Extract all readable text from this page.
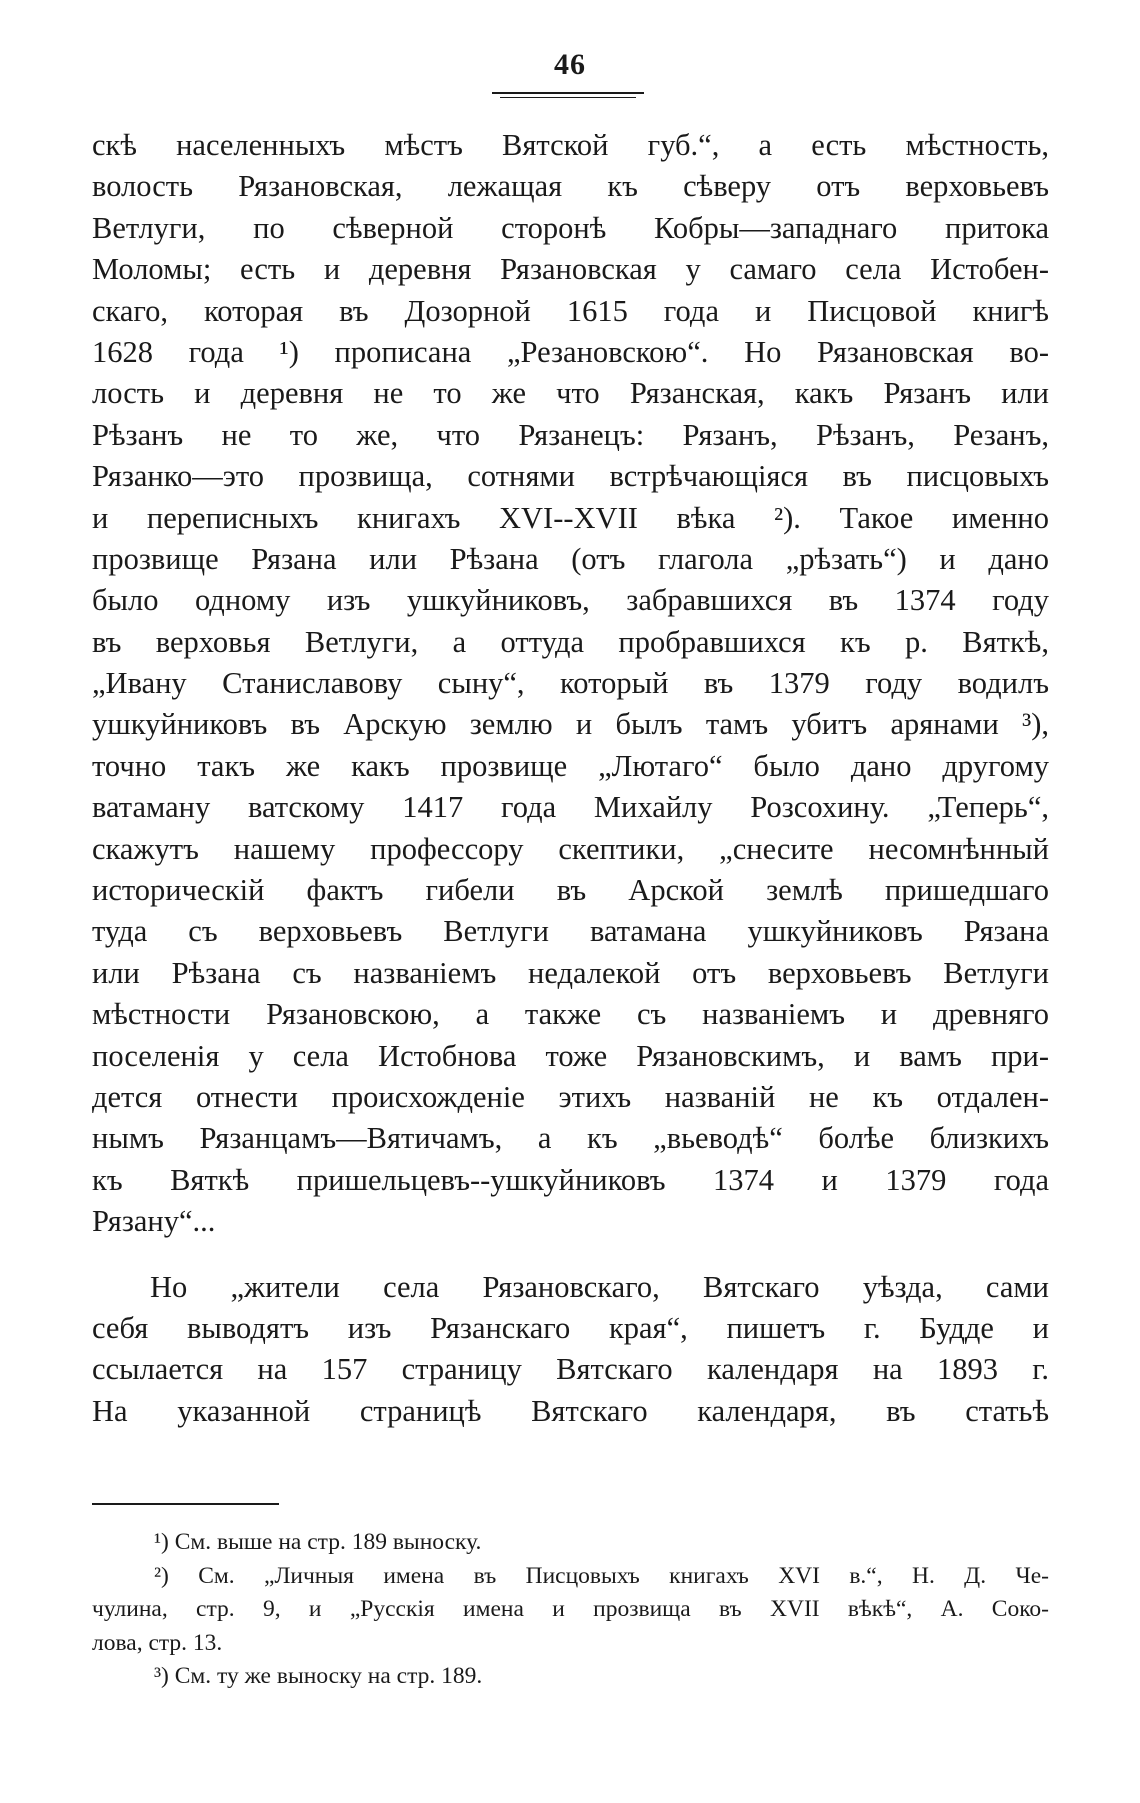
46
скѣ населенныхъ мѣстъ Вятской губ.“, а есть мѣстность,
волость Рязановская, лежащая къ сѣверу отъ верховьевъ
Ветлуги, по сѣверной сторонѣ Кобры—западнаго притока
Моломы; есть и деревня Рязановская у самаго села Истобен-
скаго, которая въ Дозорной 1615 года и Писцовой книгѣ
1628 года ¹) прописана „Резановскою“. Но Рязановская во-
лость и деревня не то же что Рязанская, какъ Рязанъ или
Рѣзанъ не то же, что Рязанецъ: Рязанъ, Рѣзанъ, Резанъ,
Рязанко—это прозвища, сотнями встрѣчающіяся въ писцовыхъ
и переписныхъ книгахъ XVI--XVII вѣка ²). Такое именно
прозвище Рязана или Рѣзана (отъ глагола „рѣзать“) и дано
было одному изъ ушкуйниковъ, забравшихся въ 1374 году
въ верховья Ветлуги, а оттуда пробравшихся къ р. Вяткѣ,
„Ивану Станиславову сыну“, который въ 1379 году водилъ
ушкуйниковъ въ Арскую землю и былъ тамъ убитъ арянами ³),
точно такъ же какъ прозвище „Лютаго“ было дано другому
ватаману ватскому 1417 года Михайлу Розсохину. „Теперь“,
скажутъ нашему профессору скептики, „снесите несомнѣнный
историческій фактъ гибели въ Арской землѣ пришедшаго
туда съ верховьевъ Ветлуги ватамана ушкуйниковъ Рязана
или Рѣзана съ названіемъ недалекой отъ верховьевъ Ветлуги
мѣстности Рязановскою, а также съ названіемъ и древняго
поселенія у села Истобнова тоже Рязановскимъ, и вамъ при-
дется отнести происхожденіе этихъ названій не къ отдален-
нымъ Рязанцамъ—Вятичамъ, а къ „вьеводѣ“ болѣе близкихъ
къ Вяткѣ пришельцевъ--ушкуйниковъ 1374 и 1379 года
Рязану“...
Но „жители села Рязановскаго, Вятскаго уѣзда, сами
себя выводятъ изъ Рязанскаго края“, пишетъ г. Будде и
ссылается на 157 страницу Вятскаго календаря на 1893 г.
На указанной страницѣ Вятскаго календаря, въ статьѣ
¹) См. выше на стр. 189 выноску.
²) См. „Личныя имена въ Писцовыхъ книгахъ XVI в.“, Н. Д. Че-
чулина, стр. 9, и „Русскія имена и прозвища въ XVII вѣкѣ“, А. Соко-
лова, стр. 13.
³) См. ту же выноску на стр. 189.
